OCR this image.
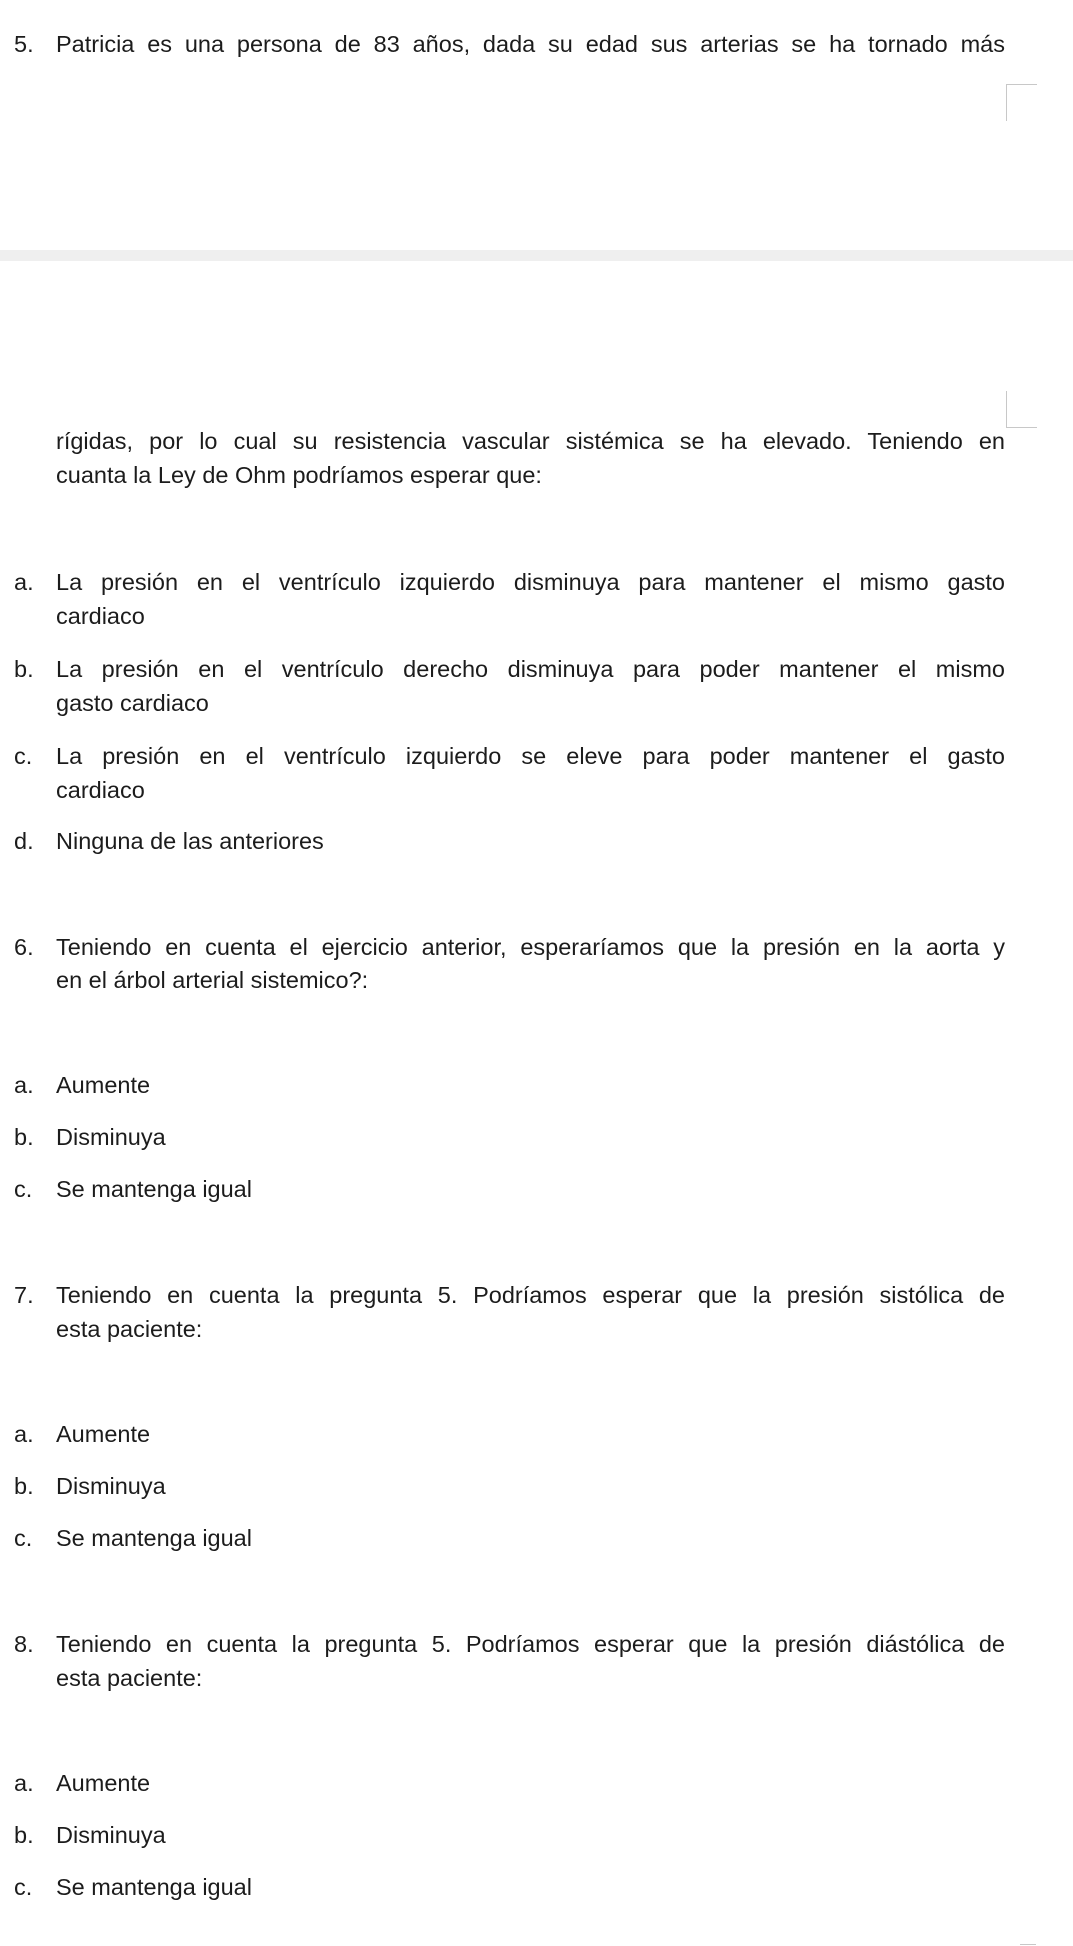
5. Patricia es una persona de 83 años, dada su edad sus arterias se ha tornado más
rígidas, por lo cual su resistencia vascular sistémica se ha elevado. Teniendo en
cuanta la Ley de Ohm podríamos esperar que:
a. La presión en el ventrículo izquierdo disminuya para mantener el mismo gasto
cardiaco
b. La presión en el ventrículo derecho disminuya para poder mantener el mismo
gasto cardiaco
c. La presión en el ventrículo izquierdo se eleve para poder mantener el gasto
cardiaco
d. Ninguna de las anteriores
6. Teniendo en cuenta el ejercicio anterior, esperaríamos que la presión en la aorta y
en el árbol arterial sistemico?:
a. Aumente
b. Disminuya
c. Se mantenga igual
7. Teniendo en cuenta la pregunta 5. Podríamos esperar que la presión sistólica de
esta paciente:
a. Aumente
b. Disminuya
c. Se mantenga igual
8. Teniendo en cuenta la pregunta 5. Podríamos esperar que la presión diástólica de
esta paciente:
a. Aumente
b. Disminuya
c. Se mantenga igual
